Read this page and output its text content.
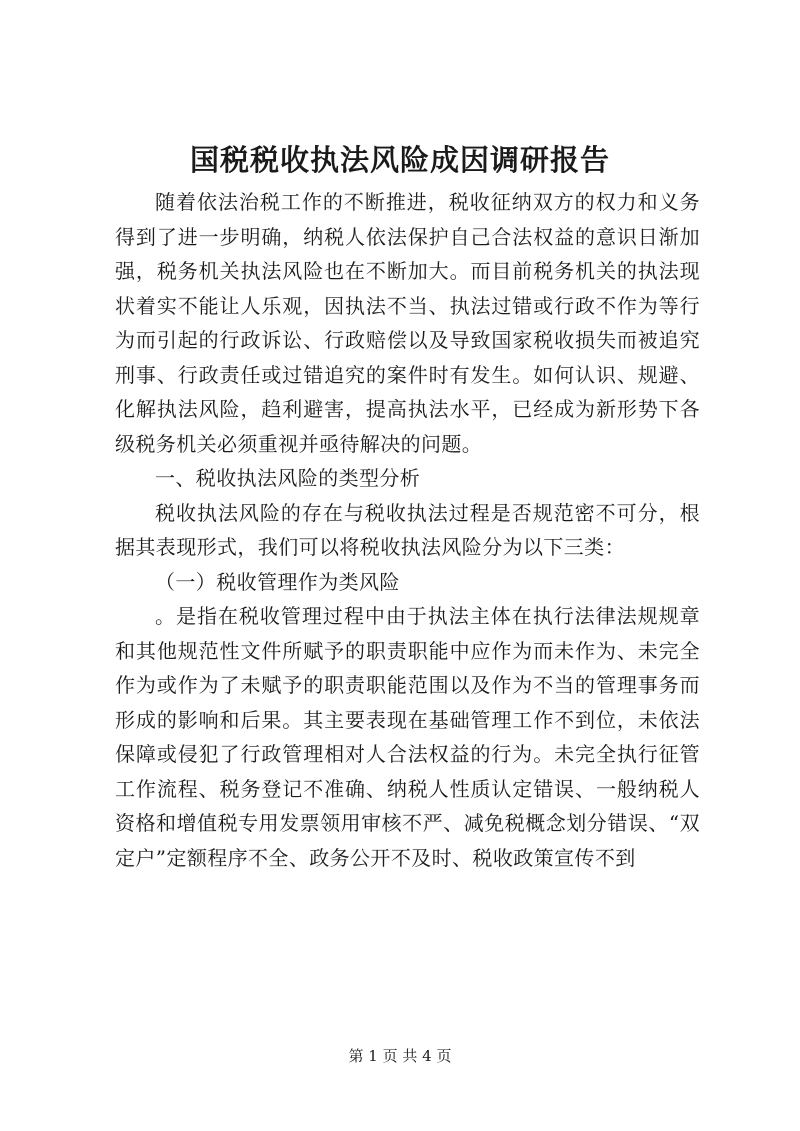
国税税收执法风险成因调研报告

随着依法治税工作的不断推进，税收征纳双方的权力和义务得到了进一步明确，纳税人依法保护自己合法权益的意识日渐加强，税务机关执法风险也在不断加大。而目前税务机关的执法现状着实不能让人乐观，因执法不当、执法过错或行政不作为等行为而引起的行政诉讼、行政赔偿以及导致国家税收损失而被追究刑事、行政责任或过错追究的案件时有发生。如何认识、规避、化解执法风险，趋利避害，提高执法水平，已经成为新形势下各级税务机关必须重视并亟待解决的问题。

一、税收执法风险的类型分析

税收执法风险的存在与税收执法过程是否规范密不可分，根据其表现形式，我们可以将税收执法风险分为以下三类：

（一）税收管理作为类风险

。是指在税收管理过程中由于执法主体在执行法律法规规章和其他规范性文件所赋予的职责职能中应作为而未作为、未完全作为或作为了未赋予的职责职能范围以及作为不当的管理事务而形成的影响和后果。其主要表现在基础管理工作不到位，未依法保障或侵犯了行政管理相对人合法权益的行为。未完全执行征管工作流程、税务登记不准确、纳税人性质认定错误、一般纳税人资格和增值税专用发票领用审核不严、减免税概念划分错误、“双定户”定额程序不全、政务公开不及时、税收政策宣传不到

第 1 页 共 4 页
